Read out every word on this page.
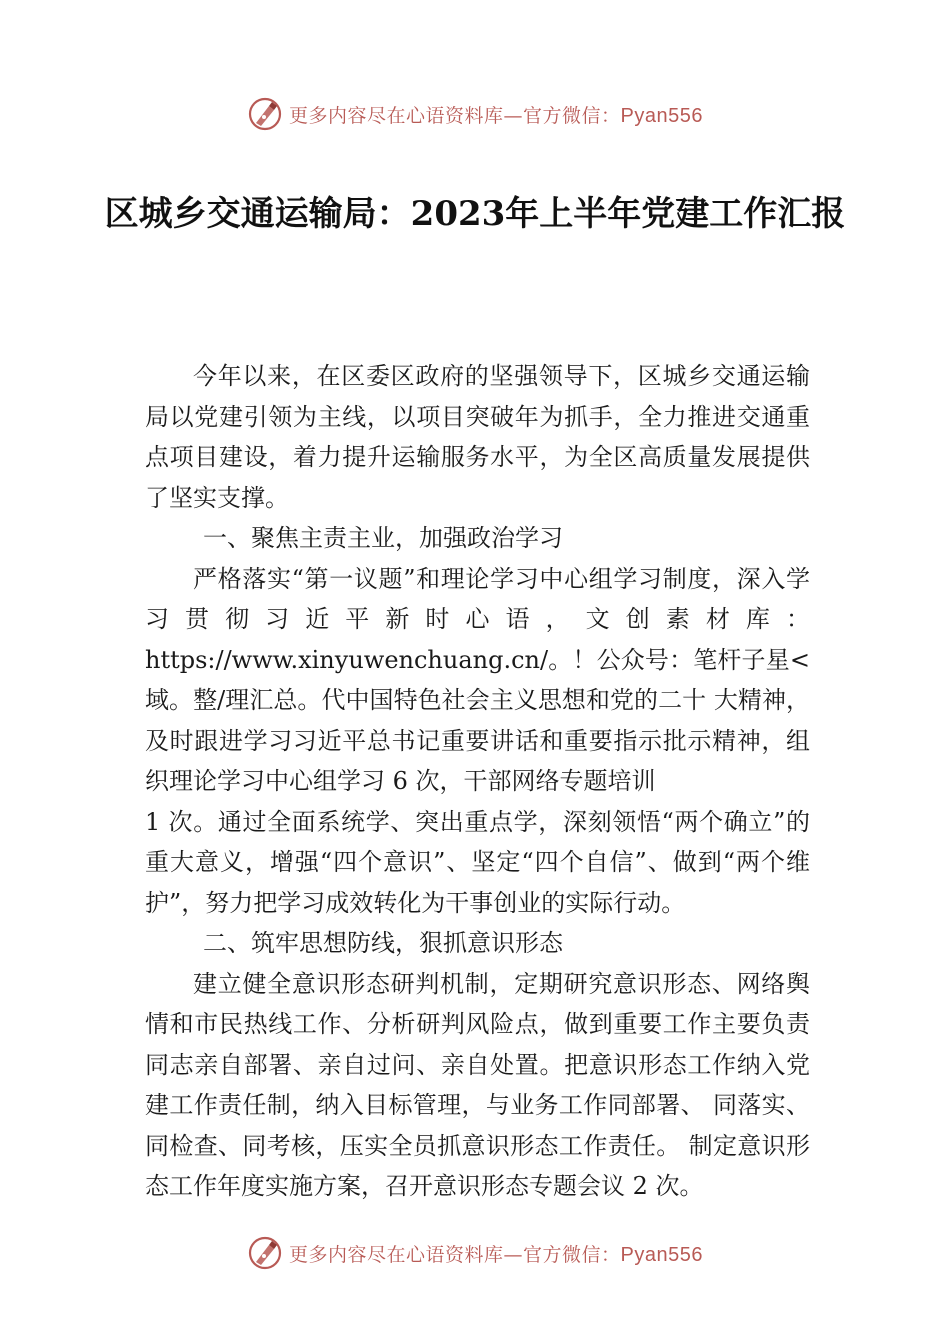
更多内容尽在心语资料库—官方微信：Pyan556
区城乡交通运输局：2023年上半年党建工作汇报

今年以来，在区委区政府的坚强领导下，区城乡交通运输局以党建引领为主线，以项目突破年为抓手，全力推进交通重点项目建设，着力提升运输服务水平，为全区高质量发展提供了坚实支撑。

一、聚焦主责主业，加强政治学习

严格落实“第一议题”和理论学习中心组学习制度，深入学习贯彻习近平新时心语，文创素材库：https://www.xinyuwenchuang.cn/。！公众号：笔杆子星<域。整/理汇总。代中国特色社会主义思想和党的二十 大精神，及时跟进学习习近平总书记重要讲话和重要指示批示精神，组织理论学习中心组学习 6 次，干部网络专题培训

1 次。通过全面系统学、突出重点学，深刻领悟“两个确立”的重大意义，增强“四个意识”、坚定“四个自信”、做到“两个维护”，努力把学习成效转化为干事创业的实际行动。

二、筑牢思想防线，狠抓意识形态

建立健全意识形态研判机制，定期研究意识形态、网络舆情和市民热线工作、分析研判风险点，做到重要工作主要负责同志亲自部署、亲自过问、亲自处置。把意识形态工作纳入党建工作责任制，纳入目标管理，与业务工作同部署、 同落实、同检查、同考核，压实全员抓意识形态工作责任。 制定意识形态工作年度实施方案，召开意识形态专题会议 2 次。

更多内容尽在心语资料库—官方微信：Pyan556
